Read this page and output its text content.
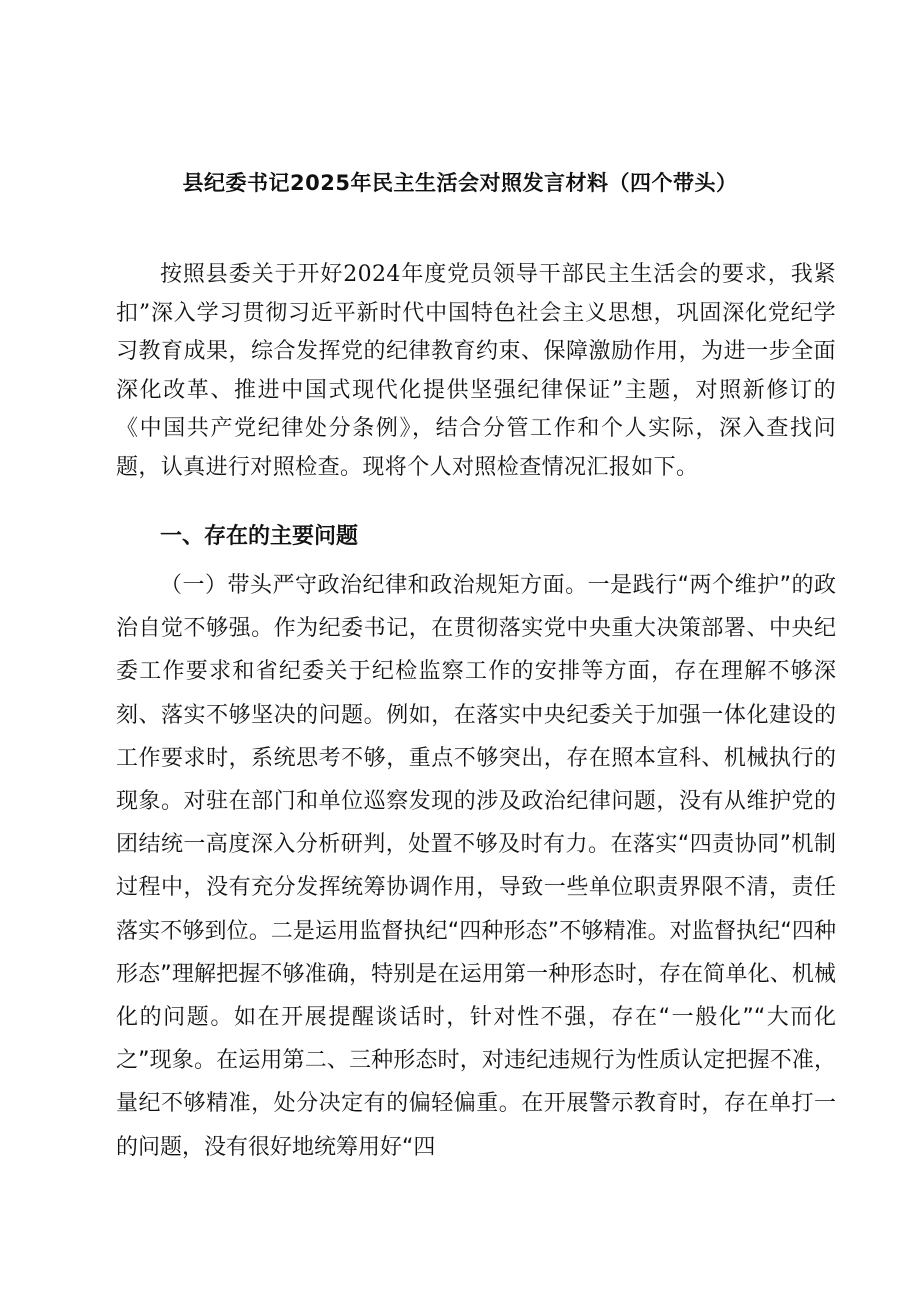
县纪委书记2025年民主生活会对照发言材料（四个带头）

按照县委关于开好2024年度党员领导干部民主生活会的要求，我紧扣”深入学习贯彻习近平新时代中国特色社会主义思想，巩固深化党纪学习教育成果，综合发挥党的纪律教育约束、保障激励作用，为进一步全面深化改革、推进中国式现代化提供坚强纪律保证”主题，对照新修订的《中国共产党纪律处分条例》，结合分管工作和个人实际，深入查找问题，认真进行对照检查。现将个人对照检查情况汇报如下。

一、存在的主要问题

（一）带头严守政治纪律和政治规矩方面。一是践行“两个维护”的政治自觉不够强。作为纪委书记，在贯彻落实党中央重大决策部署、中央纪委工作要求和省纪委关于纪检监察工作的安排等方面，存在理解不够深刻、落实不够坚决的问题。例如，在落实中央纪委关于加强一体化建设的工作要求时，系统思考不够，重点不够突出，存在照本宣科、机械执行的现象。对驻在部门和单位巡察发现的涉及政治纪律问题，没有从维护党的团结统一高度深入分析研判，处置不够及时有力。在落实“四责协同”机制过程中，没有充分发挥统筹协调作用，导致一些单位职责界限不清，责任落实不够到位。二是运用监督执纪“四种形态”不够精准。对监督执纪“四种形态”理解把握不够准确，特别是在运用第一种形态时，存在简单化、机械化的问题。如在开展提醒谈话时，针对性不强，存在“一般化”“大而化之”现象。在运用第二、三种形态时，对违纪违规行为性质认定把握不准，量纪不够精准，处分决定有的偏轻偏重。在开展警示教育时，存在单打一的问题，没有很好地统筹用好“四
